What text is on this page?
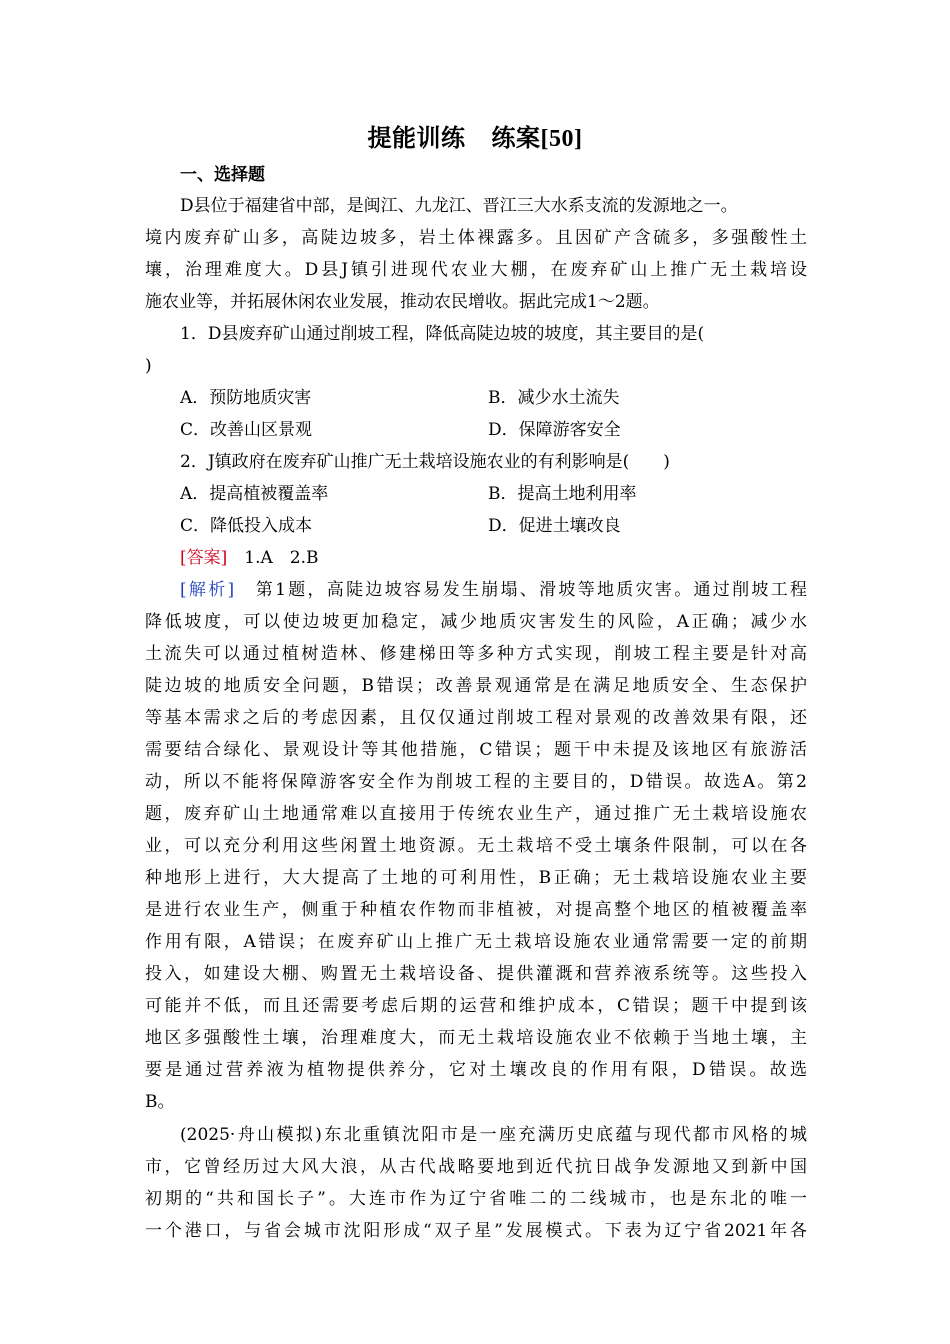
提能训练 练案[50]
一、选择题
D县位于福建省中部，是闽江、九龙江、晋江三大水系支流的发源地之一。
境内废弃矿山多，高陡边坡多，岩土体裸露多。且因矿产含硫多，多强酸性土
壤，治理难度大。D县J镇引进现代农业大棚，在废弃矿山上推广无土栽培设
施农业等，并拓展休闲农业发展，推动农民增收。据此完成1～2题。
1．D县废弃矿山通过削坡工程，降低高陡边坡的坡度，其主要目的是(
)
A．预防地质灾害	B．减少水土流失
C．改善山区景观	D．保障游客安全
2．J镇政府在废弃矿山推广无土栽培设施农业的有利影响是(　　)
A．提高植被覆盖率	B．提高土地利用率
C．降低投入成本	D．促进土壤改良
[答案]　1.A　2.B
[解析]　第1题，高陡边坡容易发生崩塌、滑坡等地质灾害。通过削坡工程
降低坡度，可以使边坡更加稳定，减少地质灾害发生的风险，A正确；减少水
土流失可以通过植树造林、修建梯田等多种方式实现，削坡工程主要是针对高
陡边坡的地质安全问题，B错误；改善景观通常是在满足地质安全、生态保护
等基本需求之后的考虑因素，且仅仅通过削坡工程对景观的改善效果有限，还
需要结合绿化、景观设计等其他措施，C错误；题干中未提及该地区有旅游活
动，所以不能将保障游客安全作为削坡工程的主要目的，D错误。故选A。第2
题，废弃矿山土地通常难以直接用于传统农业生产，通过推广无土栽培设施农
业，可以充分利用这些闲置土地资源。无土栽培不受土壤条件限制，可以在各
种地形上进行，大大提高了土地的可利用性，B正确；无土栽培设施农业主要
是进行农业生产，侧重于种植农作物而非植被，对提高整个地区的植被覆盖率
作用有限，A错误；在废弃矿山上推广无土栽培设施农业通常需要一定的前期
投入，如建设大棚、购置无土栽培设备、提供灌溉和营养液系统等。这些投入
可能并不低，而且还需要考虑后期的运营和维护成本，C错误；题干中提到该
地区多强酸性土壤，治理难度大，而无土栽培设施农业不依赖于当地土壤，主
要是通过营养液为植物提供养分，它对土壤改良的作用有限，D错误。故选
B。
(2025·舟山模拟)东北重镇沈阳市是一座充满历史底蕴与现代都市风格的城
市，它曾经历过大风大浪，从古代战略要地到近代抗日战争发源地又到新中国
初期的“共和国长子”。大连市作为辽宁省唯二的二线城市，也是东北的唯一
一个港口，与省会城市沈阳形成“双子星”发展模式。下表为辽宁省2021年各
